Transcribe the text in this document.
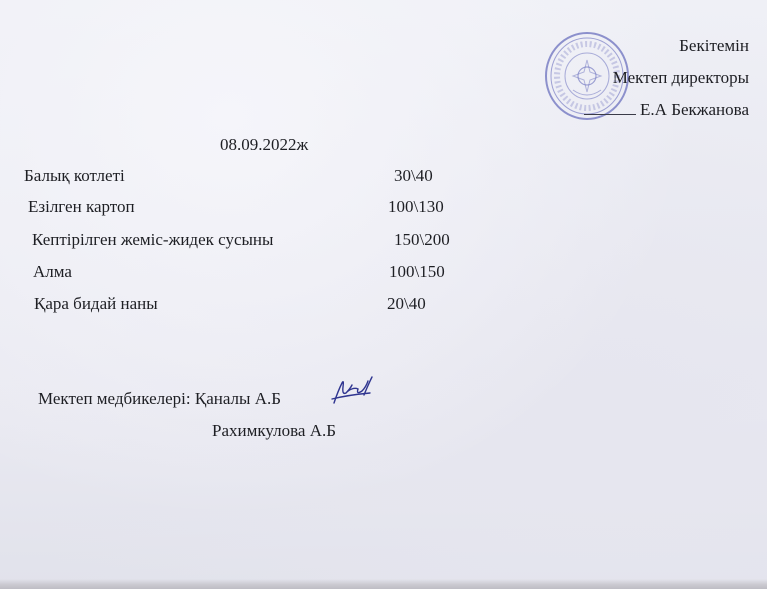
Бекітемін
Мектеп директоры
Е.А Бекжанова
08.09.2022ж
Балық котлеті	30\40
Езілген картоп	100\130
Кептірілген жеміс-жидек сусыны	150\200
Алма	100\150
Қара бидай наны	20\40
Мектеп медбикелері: Қаналы А.Б
Рахимкулова А.Б
